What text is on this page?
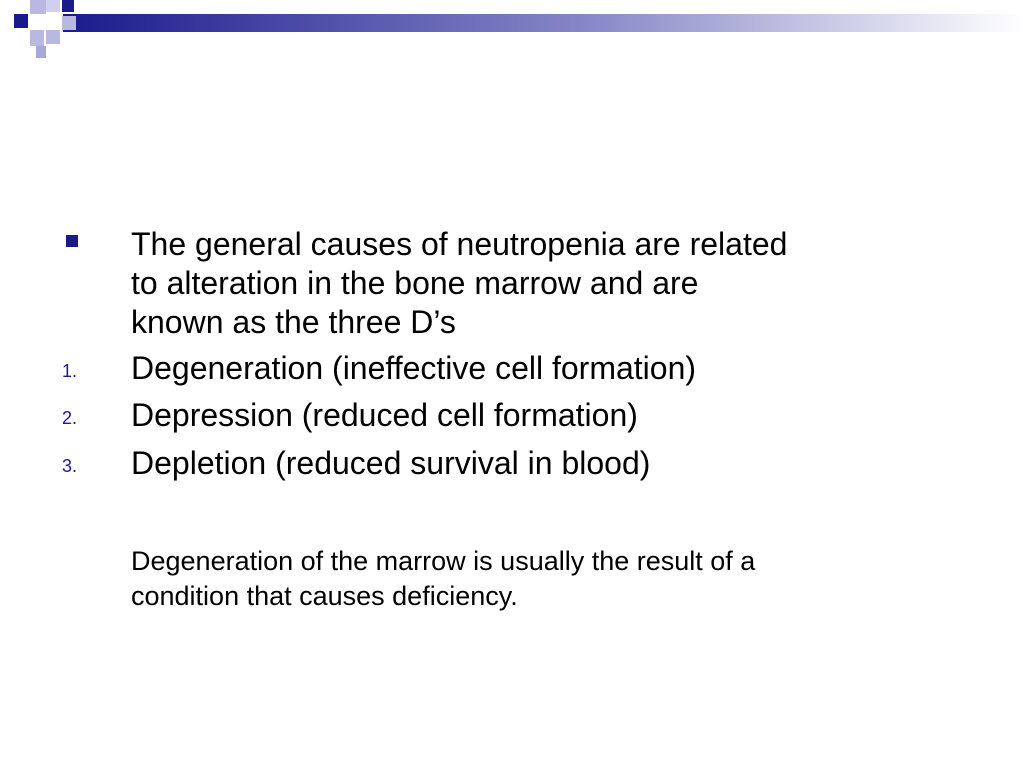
The general causes of neutropenia are related
to alteration in the bone marrow and are
known as the three D’s
1. Degeneration (ineffective cell formation)
2. Depression (reduced cell formation)
3. Depletion (reduced survival in blood)
Degeneration of the marrow is usually the result of a
condition that causes deficiency.
